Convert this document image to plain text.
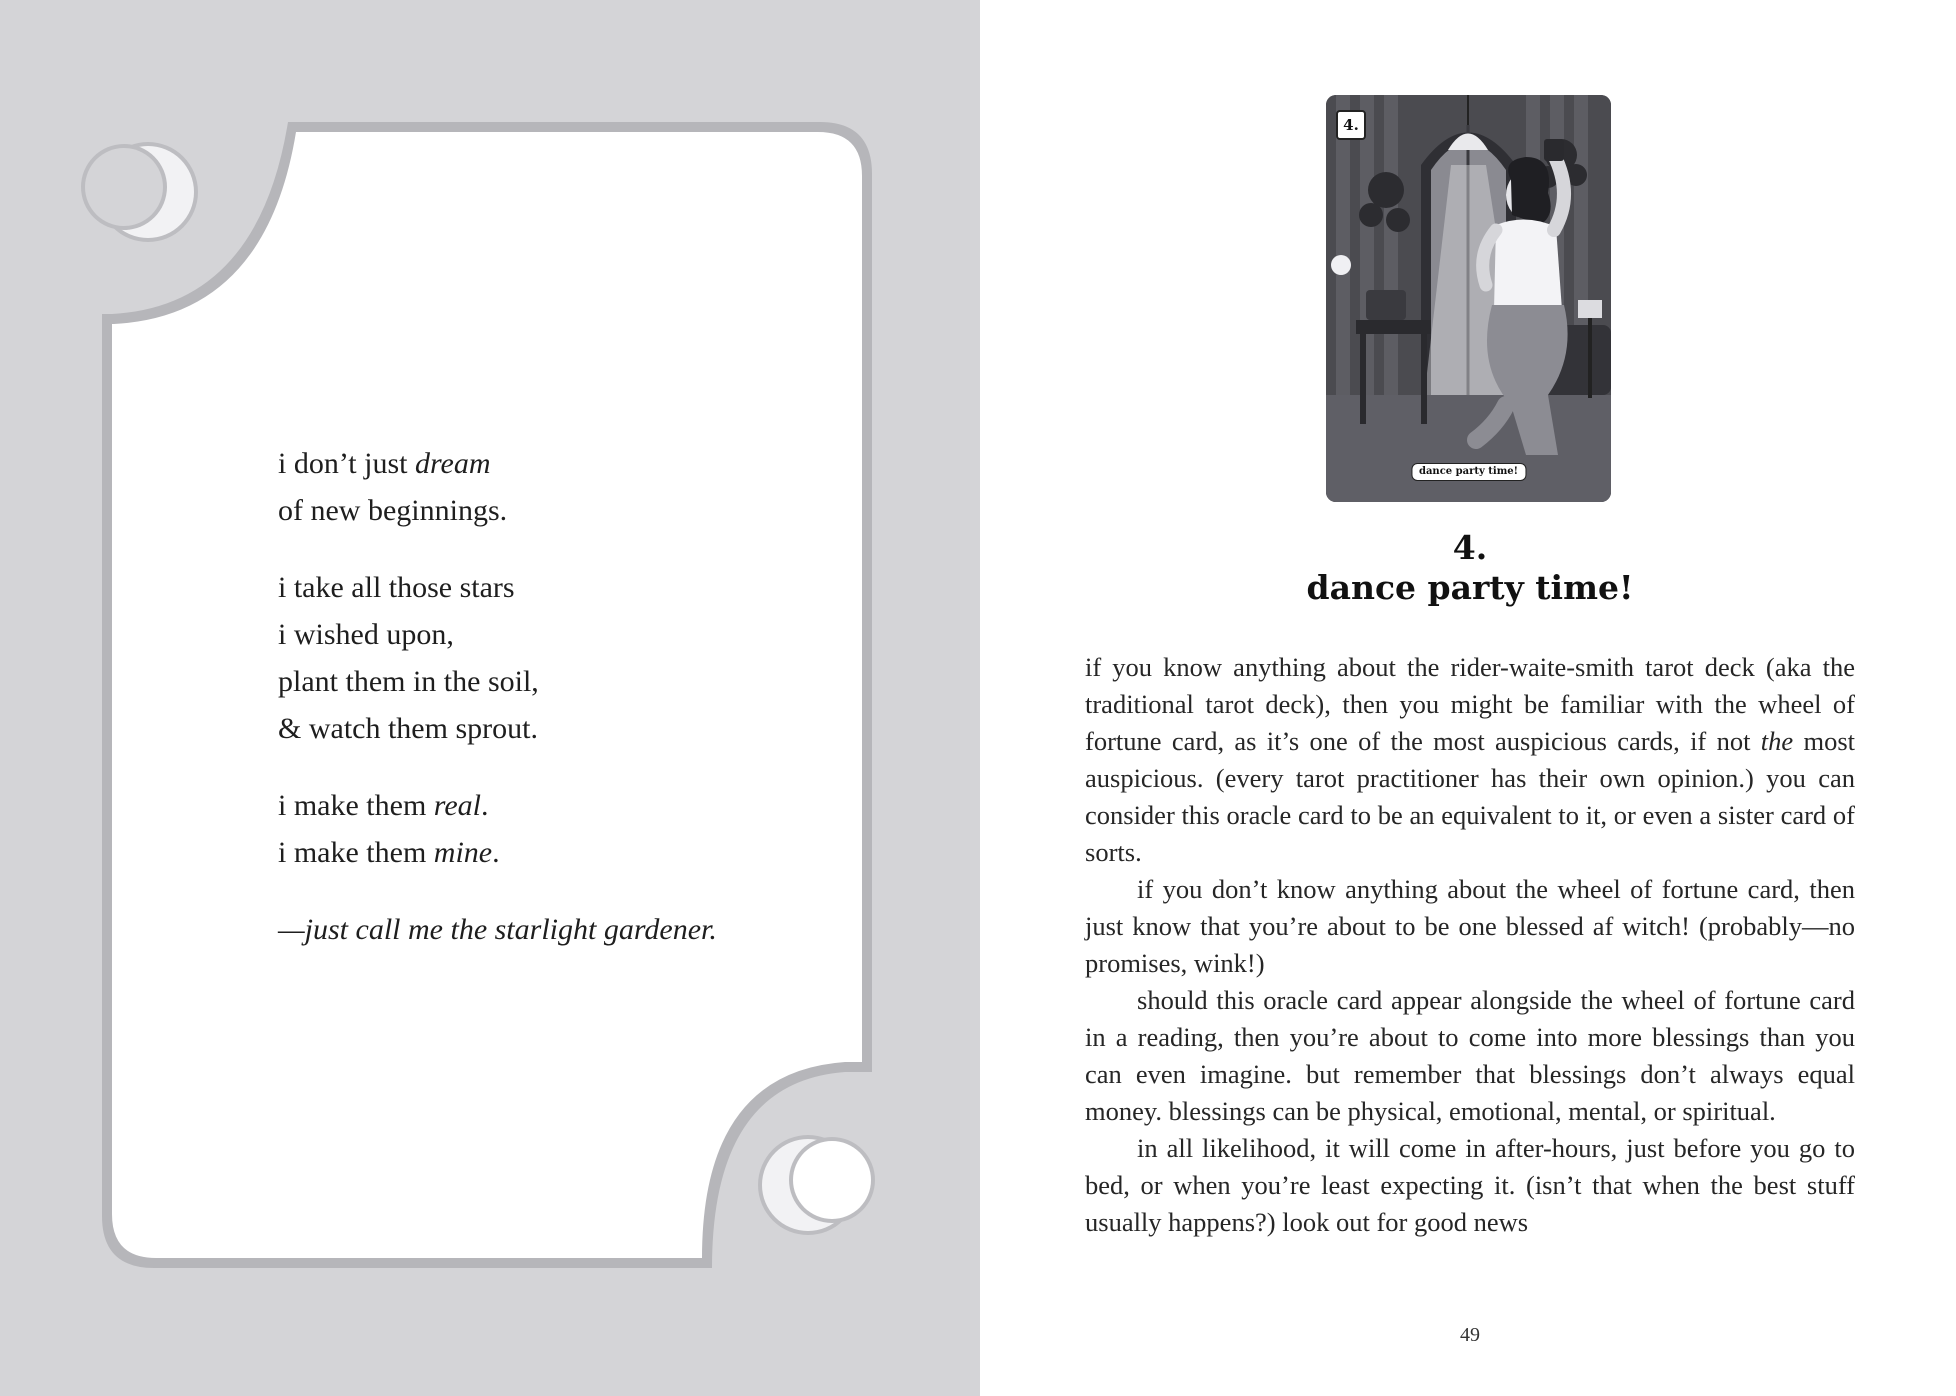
i don’t just dream
of new beginnings.
i take all those stars
i wished upon,
plant them in the soil,
& watch them sprout.
i make them real.
i make them mine.
—just call me the starlight gardener.
4.
dance party time!
4.
dance party time!

if you know anything about the rider-waite-smith tarot deck (aka the traditional tarot deck), then you might be familiar with the wheel of fortune card, as it’s one of the most auspicious cards, if not the most auspicious. (every tarot practitioner has their own opinion.) you can consider this oracle card to be an equivalent to it, or even a sister card of sorts.

if you don’t know anything about the wheel of fortune card, then just know that you’re about to be one blessed af witch! (probably—no promises, wink!)

should this oracle card appear alongside the wheel of fortune card in a reading, then you’re about to come into more blessings than you can even imagine. but remember that blessings don’t always equal money. blessings can be physical, emotional, mental, or spiritual.

in all likelihood, it will come in after-hours, just before you go to bed, or when you’re least expecting it. (isn’t that when the best stuff usually happens?) look out for good news

49
